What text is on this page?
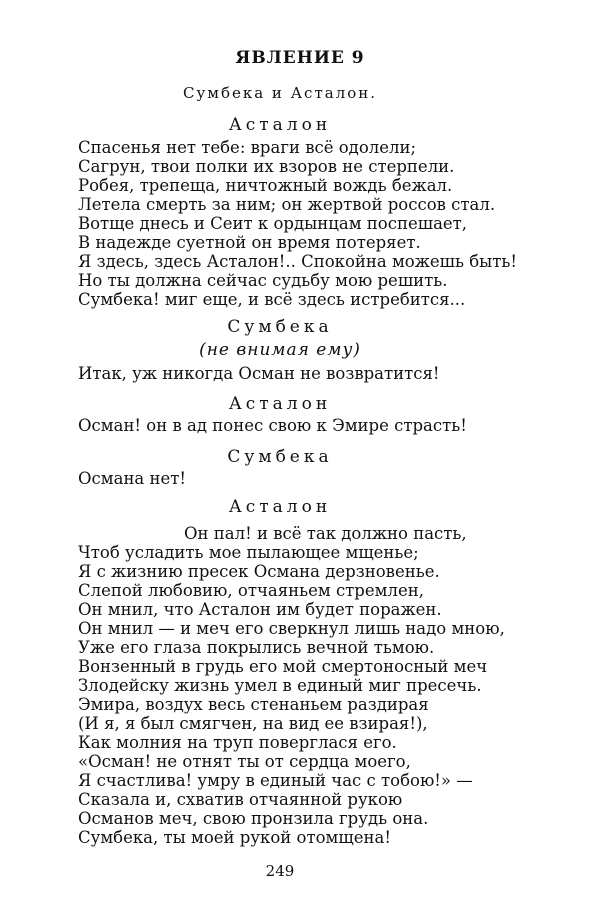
ЯВЛЕНИЕ 9
Сумбека и Асталон.
Асталон
Спасенья нет тебе: враги всё одолели;
Сагрун, твои полки их взоров не стерпели.
Робея, трепеща, ничтожный вождь бежал.
Летела смерть за ним; он жертвой россов стал.
Вотще днесь и Сеит к ордынцам поспешает,
В надежде суетной он время потеряет.
Я здесь, здесь Асталон!.. Спокойна можешь быть!
Но ты должна сейчас судьбу мою решить.
Сумбека! миг еще, и всё здесь истребится...
Сумбека
(не внимая ему)
Итак, уж никогда Осман не возвратится!
Асталон
Осман! он в ад понес свою к Эмире страсть!
Сумбека
Османа нет!
Асталон
Он пал! и всё так должно пасть,
Чтоб усладить мое пылающее мщенье;
Я с жизнию пресек Османа дерзновенье.
Слепой любовию, отчаяньем стремлен,
Он мнил, что Асталон им будет поражен.
Он мнил — и меч его сверкнул лишь надо мною,
Уже его глаза покрылись вечной тьмою.
Вонзенный в грудь его мой смертоносный меч
Злодейску жизнь умел в единый миг пресечь.
Эмира, воздух весь стенаньем раздирая
(И я, я был смягчен, на вид ее взирая!),
Как молния на труп поверглася его.
«Осман! не отнят ты от сердца моего,
Я счастлива! умру в единый час с тобою!» —
Сказала и, схватив отчаянной рукою
Османов меч, свою пронзила грудь она.
Сумбека, ты моей рукой отомщена!
249
